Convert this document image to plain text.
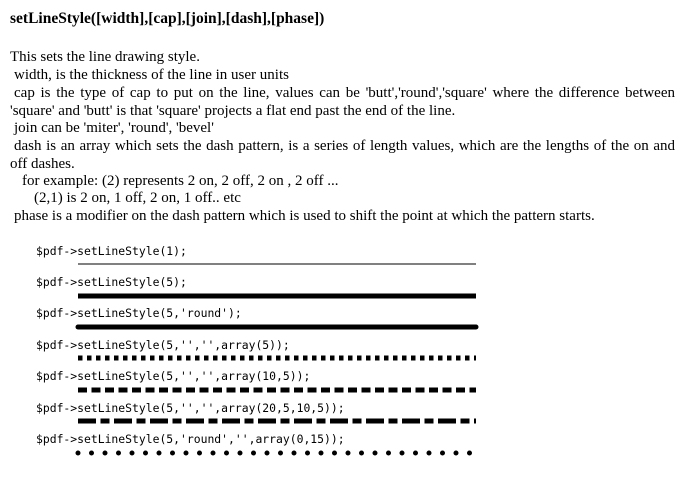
setLineStyle([width],[cap],[join],[dash],[phase])
This sets the line drawing style.
width, is the thickness of the line in user units
cap is the type of cap to put on the line, values can be 'butt','round','square' where the difference between 'square' and 'butt' is that 'square' projects a flat end past the end of the line.
join can be 'miter', 'round', 'bevel'
dash is an array which sets the dash pattern, is a series of length values, which are the lengths of the on and off dashes.
for example: (2) represents 2 on, 2 off, 2 on , 2 off ...
(2,1) is 2 on, 1 off, 2 on, 1 off.. etc
phase is a modifier on the dash pattern which is used to shift the point at which the pattern starts.
$pdf->setLineStyle(1);
$pdf->setLineStyle(5);
$pdf->setLineStyle(5,'round');
$pdf->setLineStyle(5,'','',array(5));
$pdf->setLineStyle(5,'','',array(10,5));
$pdf->setLineStyle(5,'','',array(20,5,10,5));
$pdf->setLineStyle(5,'round','',array(0,15));
